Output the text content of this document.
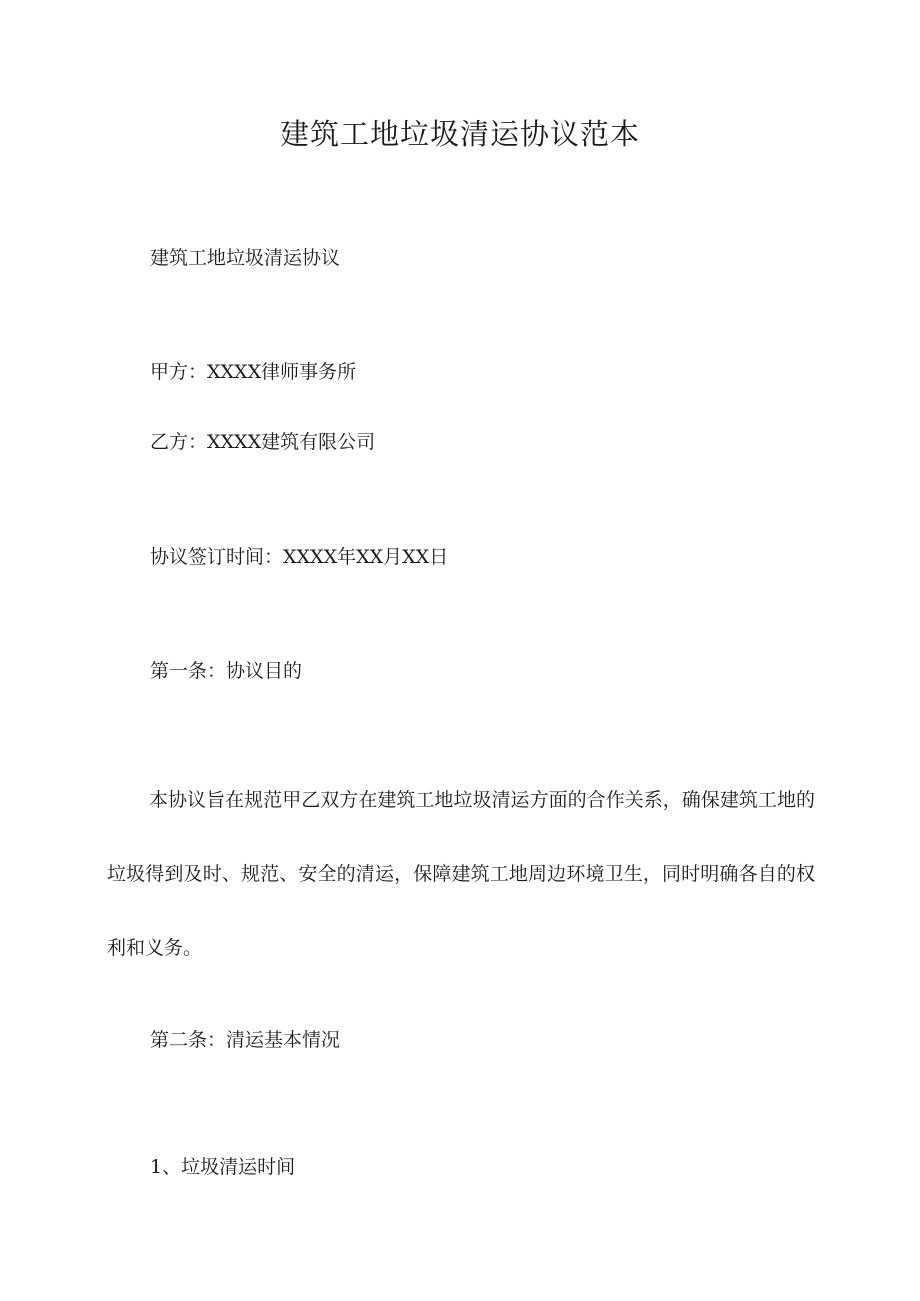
建筑工地垃圾清运协议范本

建筑工地垃圾清运协议

甲方：XXXX律师事务所

乙方：XXXX建筑有限公司

协议签订时间：XXXX年XX月XX日

第一条：协议目的

本协议旨在规范甲乙双方在建筑工地垃圾清运方面的合作关系，确保建筑工地的垃圾得到及时、规范、安全的清运，保障建筑工地周边环境卫生，同时明确各自的权利和义务。

第二条：清运基本情况

1、垃圾清运时间
